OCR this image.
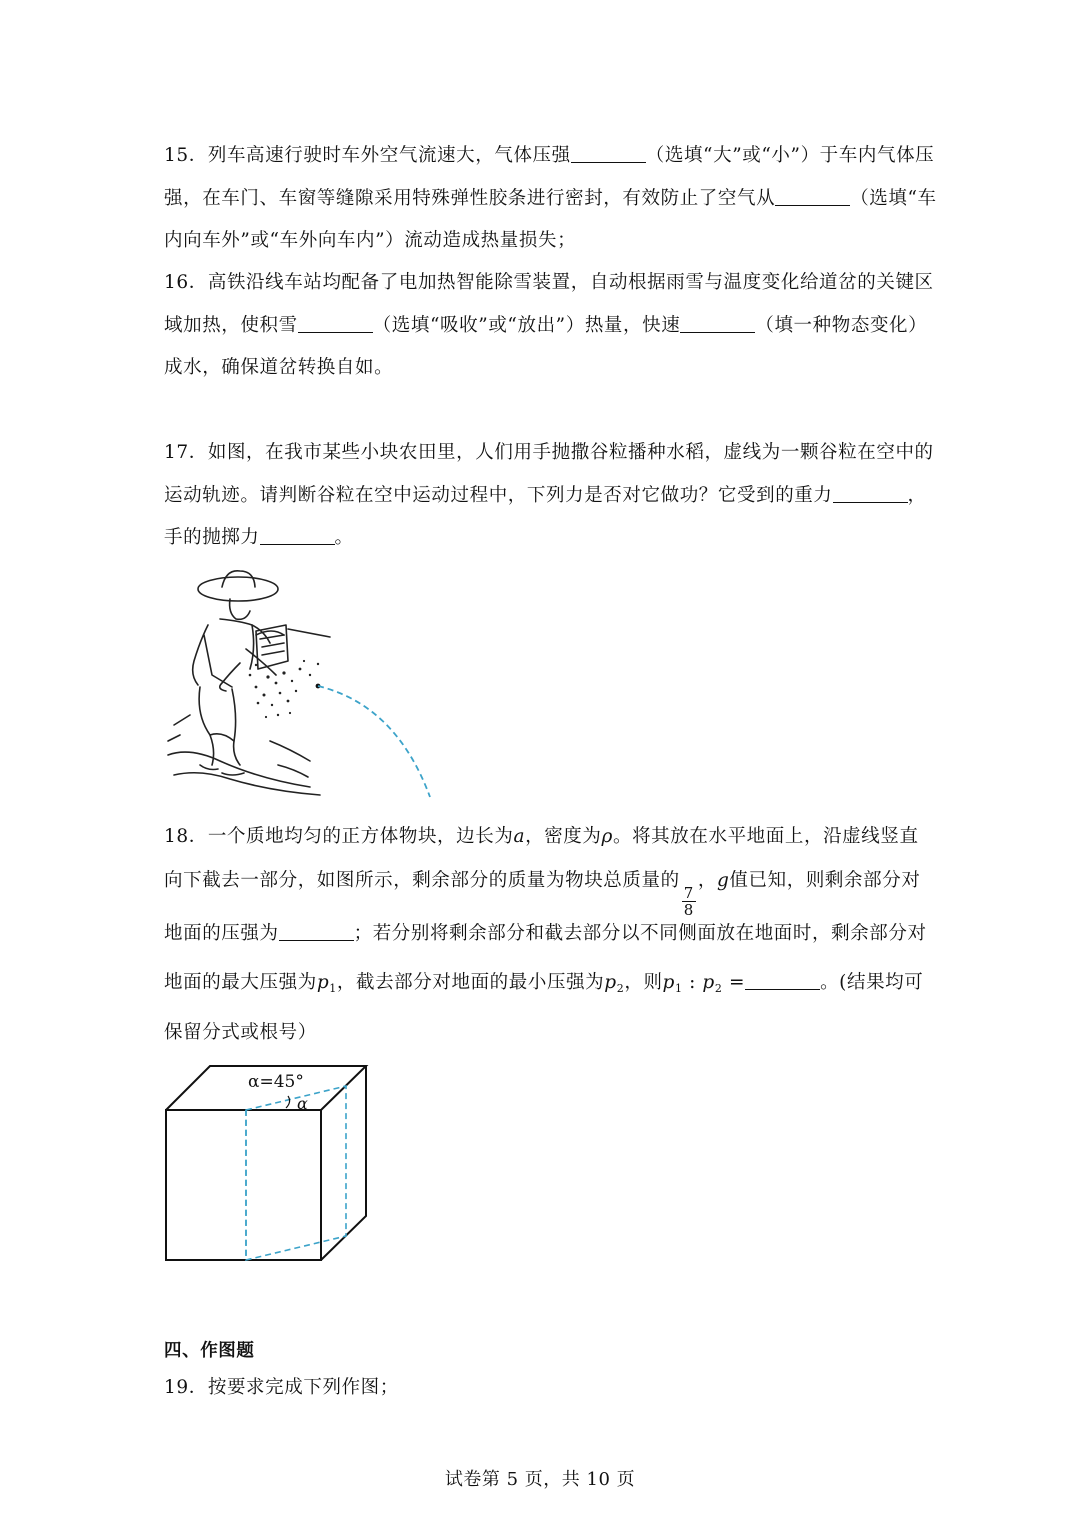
15．列车高速行驶时车外空气流速大，气体压强	（选填“大”或“小”）于车内气体压
强，在车门、车窗等缝隙采用特殊弹性胶条进行密封，有效防止了空气从	（选填“车
内向车外”或“车外向车内”）流动造成热量损失；
16．高铁沿线车站均配备了电加热智能除雪装置，自动根据雨雪与温度变化给道岔的关键区
域加热，使积雪	（选填“吸收”或“放出”）热量，快速	（填一种物态变化）
成水，确保道岔转换自如。
17．如图，在我市某些小块农田里，人们用手抛撒谷粒播种水稻，虚线为一颗谷粒在空中的
运动轨迹。请判断谷粒在空中运动过程中，下列力是否对它做功？它受到的重力	，
手的抛掷力	。
18．一个质地均匀的正方体物块，边长为a，密度为ρ。将其放在水平地面上，沿虚线竖直
向下截去一部分，如图所示，剩余部分的质量为物块总质量的
$\frac{7}{8}$
，g值已知，则剩余部分对
地面的压强为	；若分别将剩余部分和截去部分以不同侧面放在地面时，剩余部分对
地面的最大压强为$p_1$，截去部分对地面的最小压强为$p_2$，则$p_1$ : $p_2$ =	。(结果均可
保留分式或根号）
α=45°
α
四、作图题
19．按要求完成下列作图；
试卷第 5 页，共 10 页
